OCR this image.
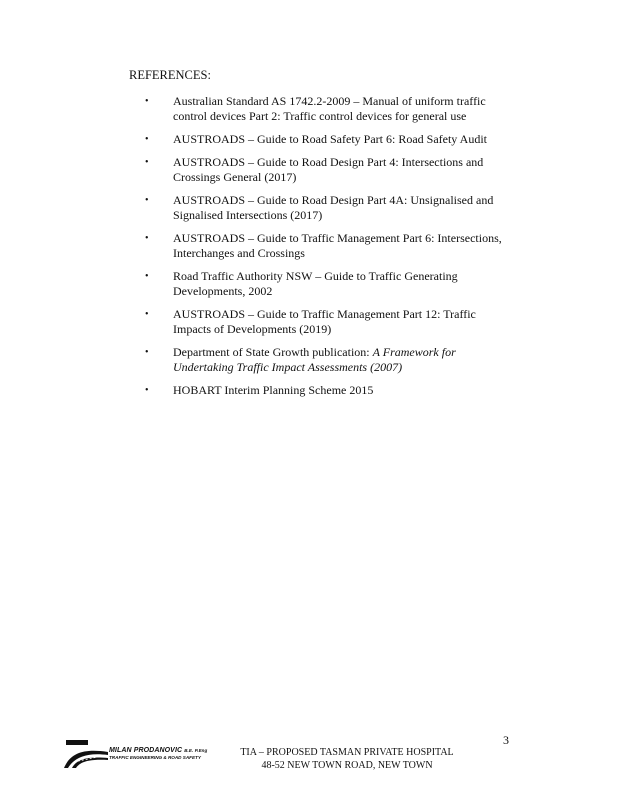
REFERENCES:
• Australian Standard AS 1742.2-2009 – Manual of uniform traffic control devices Part 2: Traffic control devices for general use
• AUSTROADS – Guide to Road Safety Part 6: Road Safety Audit
• AUSTROADS – Guide to Road Design Part 4: Intersections and Crossings General (2017)
• AUSTROADS – Guide to Road Design Part 4A: Unsignalised and Signalised Intersections (2017)
• AUSTROADS – Guide to Traffic Management Part 6: Intersections, Interchanges and Crossings
• Road Traffic Authority NSW – Guide to Traffic Generating Developments, 2002
• AUSTROADS – Guide to Traffic Management Part 12: Traffic Impacts of Developments (2019)
• Department of State Growth publication: A Framework for Undertaking Traffic Impact Assessments (2007)
• HOBART Interim Planning Scheme 2015
3
MILAN PRODANOVIC B.E. P.Eng
TRAFFIC ENGINEERING & ROAD SAFETY	TIA – PROPOSED TASMAN PRIVATE HOSPITAL
48-52 NEW TOWN ROAD, NEW TOWN
